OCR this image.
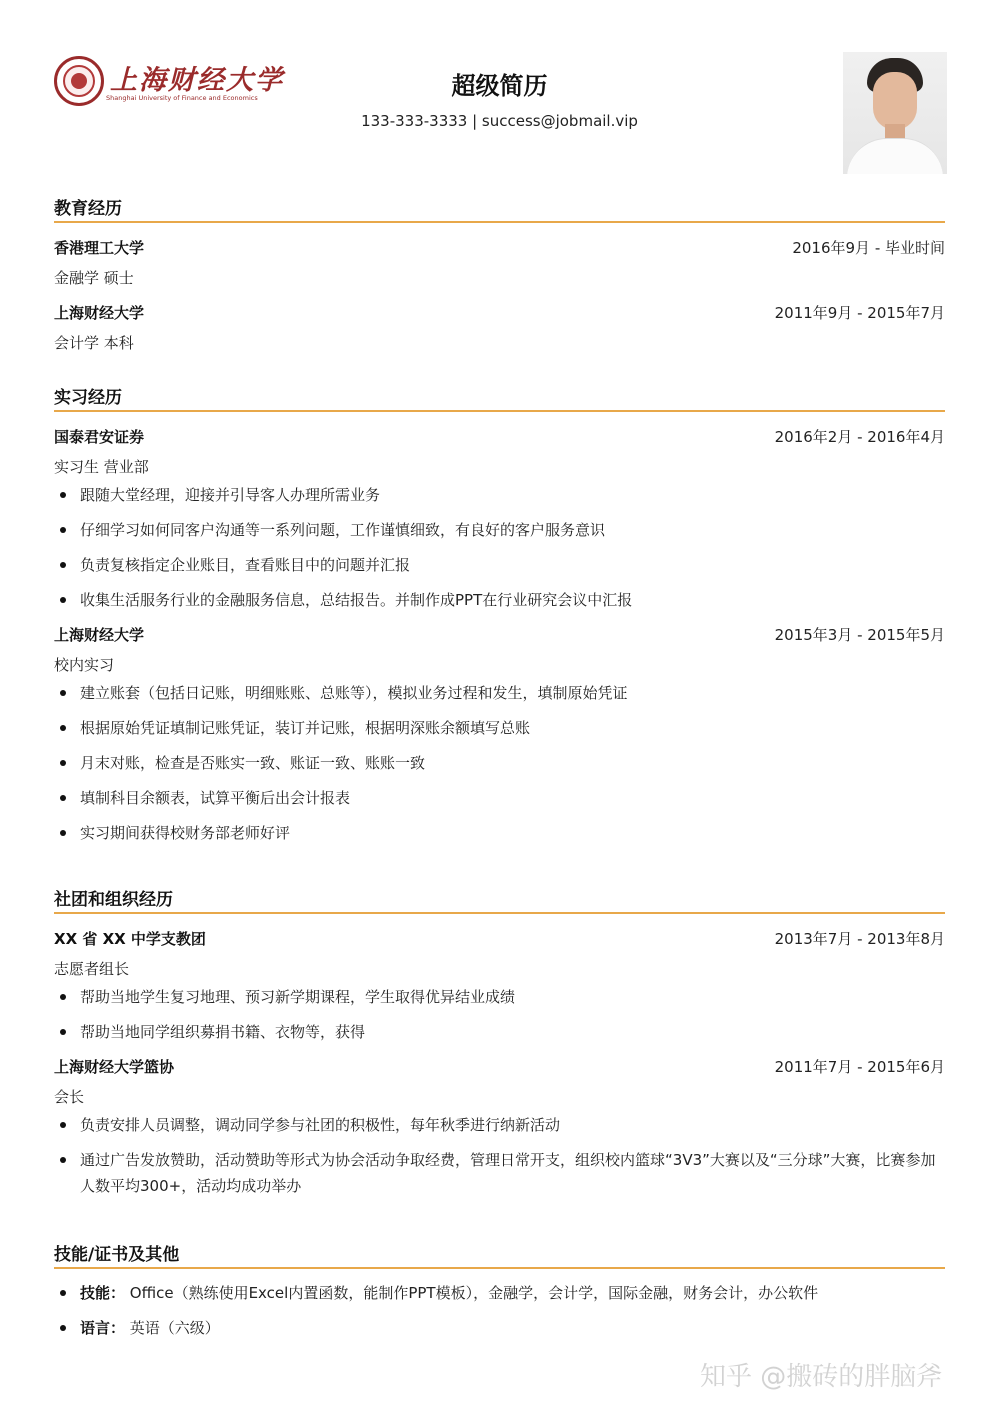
上海财经大学
Shanghai University of Finance and Economics	超级简历
133-333-3333 | success@jobmail.vip
教育经历
香港理工大学	2016年9月 - 毕业时间
金融学 硕士
上海财经大学	2011年9月 - 2015年7月
会计学 本科
实习经历
国泰君安证券	2016年2月 - 2016年4月
实习生 营业部
跟随大堂经理，迎接并引导客人办理所需业务
仔细学习如何同客户沟通等一系列问题，工作谨慎细致，有良好的客户服务意识
负责复核指定企业账目，查看账目中的问题并汇报
收集生活服务行业的金融服务信息，总结报告。并制作成PPT在行业研究会议中汇报
上海财经大学	2015年3月 - 2015年5月
校内实习
建立账套（包括日记账，明细账账、总账等），模拟业务过程和发生，填制原始凭证
根据原始凭证填制记账凭证，装订并记账，根据明深账余额填写总账
月末对账，检查是否账实一致、账证一致、账账一致
填制科目余额表，试算平衡后出会计报表
实习期间获得校财务部老师好评
社团和组织经历
XX 省 XX 中学支教团	2013年7月 - 2013年8月
志愿者组长
帮助当地学生复习地理、预习新学期课程，学生取得优异结业成绩
帮助当地同学组织募捐书籍、衣物等，获得
上海财经大学篮协	2011年7月 - 2015年6月
会长
负责安排人员调整，调动同学参与社团的积极性，每年秋季进行纳新活动
通过广告发放赞助，活动赞助等形式为协会活动争取经费，管理日常开支，组织校内篮球“3V3”大赛以及“三分球”大赛，比赛参加人数平均300+，活动均成功举办
技能/证书及其他
技能： Office（熟练使用Excel内置函数，能制作PPT模板），金融学，会计学，国际金融，财务会计，办公软件
语言： 英语（六级）
知乎 @搬砖的胖脑斧
